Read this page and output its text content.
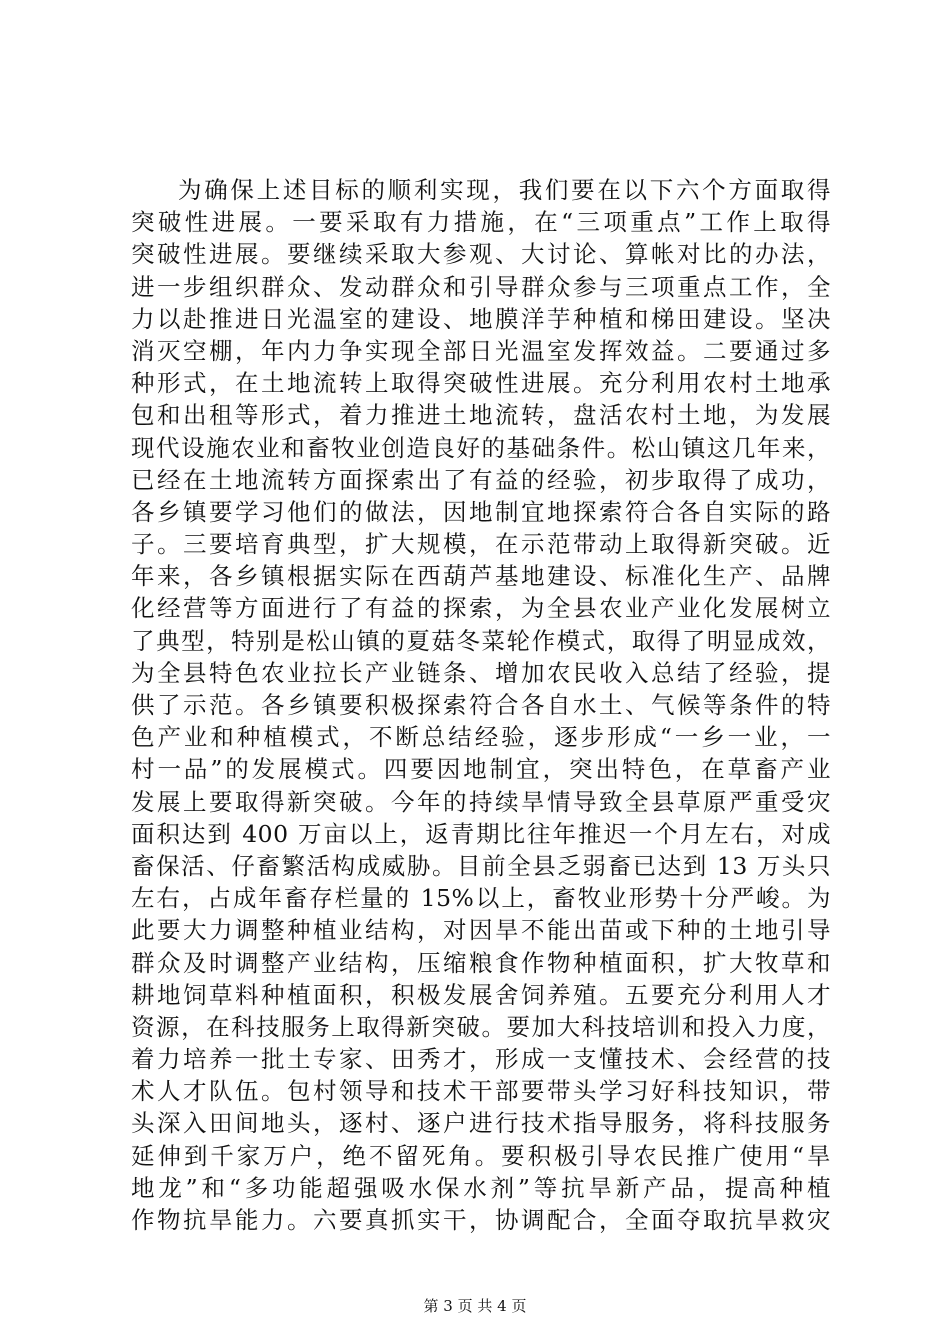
为确保上述目标的顺利实现，我们要在以下六个方面取得
突破性进展。一要采取有力措施，在“三项重点”工作上取得
突破性进展。要继续采取大参观、大讨论、算帐对比的办法，
进一步组织群众、发动群众和引导群众参与三项重点工作，全
力以赴推进日光温室的建设、地膜洋芋种植和梯田建设。坚决
消灭空棚，年内力争实现全部日光温室发挥效益。二要通过多
种形式，在土地流转上取得突破性进展。充分利用农村土地承
包和出租等形式，着力推进土地流转，盘活农村土地，为发展
现代设施农业和畜牧业创造良好的基础条件。松山镇这几年来，
已经在土地流转方面探索出了有益的经验，初步取得了成功，
各乡镇要学习他们的做法，因地制宜地探索符合各自实际的路
子。三要培育典型，扩大规模，在示范带动上取得新突破。近
年来，各乡镇根据实际在西葫芦基地建设、标准化生产、品牌
化经营等方面进行了有益的探索，为全县农业产业化发展树立
了典型，特别是松山镇的夏菇冬菜轮作模式，取得了明显成效，
为全县特色农业拉长产业链条、增加农民收入总结了经验，提
供了示范。各乡镇要积极探索符合各自水土、气候等条件的特
色产业和种植模式，不断总结经验，逐步形成“一乡一业，一
村一品”的发展模式。四要因地制宜，突出特色，在草畜产业
发展上要取得新突破。今年的持续旱情导致全县草原严重受灾
面积达到 400 万亩以上，返青期比往年推迟一个月左右，对成
畜保活、仔畜繁活构成威胁。目前全县乏弱畜已达到 13 万头只
左右，占成年畜存栏量的 15%以上，畜牧业形势十分严峻。为
此要大力调整种植业结构，对因旱不能出苗或下种的土地引导
群众及时调整产业结构，压缩粮食作物种植面积，扩大牧草和
耕地饲草料种植面积，积极发展舍饲养殖。五要充分利用人才
资源，在科技服务上取得新突破。要加大科技培训和投入力度，
着力培养一批土专家、田秀才，形成一支懂技术、会经营的技
术人才队伍。包村领导和技术干部要带头学习好科技知识，带
头深入田间地头，逐村、逐户进行技术指导服务，将科技服务
延伸到千家万户，绝不留死角。要积极引导农民推广使用“旱
地龙”和“多功能超强吸水保水剂”等抗旱新产品，提高种植
作物抗旱能力。六要真抓实干，协调配合，全面夺取抗旱救灾
第 3 页 共 4 页
